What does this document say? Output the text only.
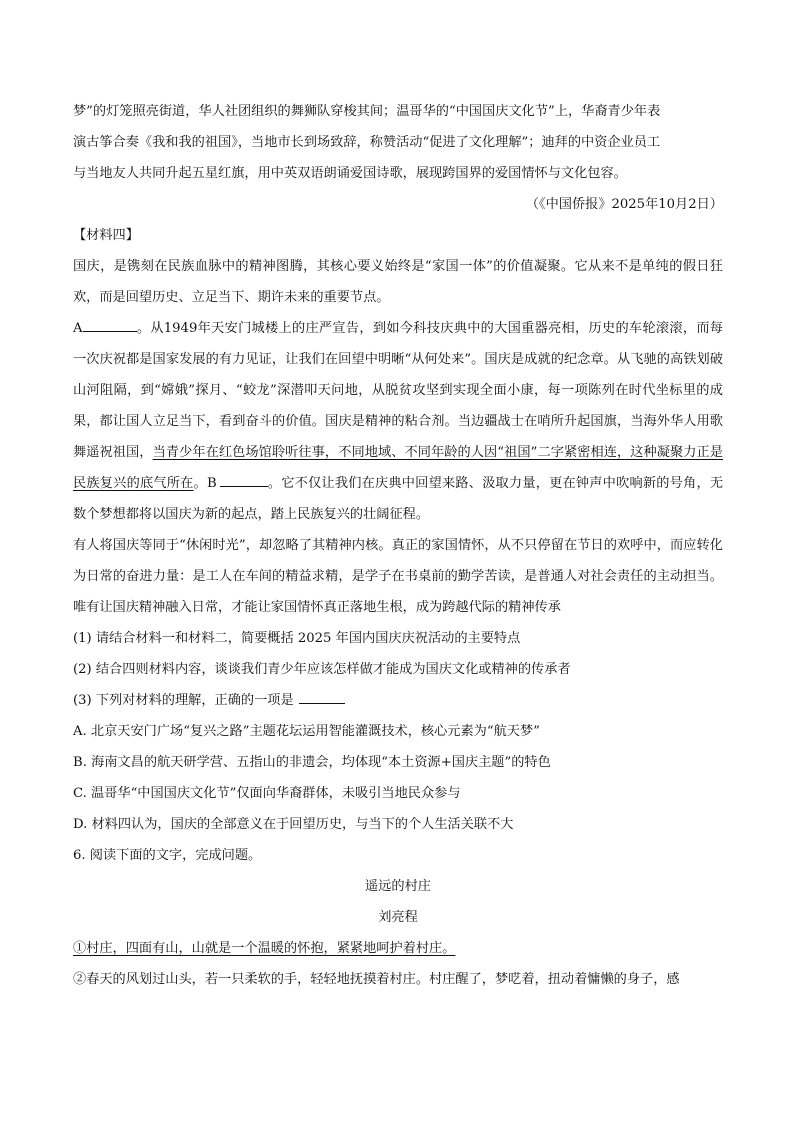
梦”的灯笼照亮街道，华人社团组织的舞狮队穿梭其间；温哥华的“中国国庆文化节”上，华裔青少年表

演古筝合奏《我和我的祖国》，当地市长到场致辞，称赞活动“促进了文化理解”；迪拜的中资企业员工

与当地友人共同升起五星红旗，用中英双语朗诵爱国诗歌，展现跨国界的爱国情怀与文化包容。

（《中国侨报》2025年10月2日）

【材料四】

国庆，是镌刻在民族血脉中的精神图腾，其核心要义始终是“家国一体”的价值凝聚。它从来不是单纯的假日狂欢，而是回望历史、立足当下、期许未来的重要节点。

A	。从1949年天安门城楼上的庄严宣告，到如今科技庆典中的大国重器亮相，历史的车轮滚滚，而每一次庆祝都是国家发展的有力见证，让我们在回望中明晰“从何处来”。国庆是成就的纪念章。从飞驰的高铁划破山河阻隔，到“嫦娥”探月、“蛟龙”深潜叩天问地，从脱贫攻坚到实现全面小康，每一项陈列在时代坐标里的成果，都让国人立足当下，看到奋斗的价值。国庆是精神的粘合剂。当边疆战士在哨所升起国旗，当海外华人用歌舞遥祝祖国，当青少年在红色场馆聆听往事，不同地域、不同年龄的人因“祖国”二字紧密相连，这种凝聚力正是民族复兴的底气所在。B	。它不仅让我们在庆典中回望来路、汲取力量，更在钟声中吹响新的号角，无数个梦想都将以国庆为新的起点，踏上民族复兴的壮阔征程。

有人将国庆等同于“休闲时光”，却忽略了其精神内核。真正的家国情怀，从不只停留在节日的欢呼中，而应转化为日常的奋进力量：是工人在车间的精益求精，是学子在书桌前的勤学苦读，是普通人对社会责任的主动担当。唯有让国庆精神融入日常，才能让家国情怀真正落地生根，成为跨越代际的精神传承

(1) 请结合材料一和材料二，简要概括 2025 年国内国庆庆祝活动的主要特点

(2) 结合四则材料内容，谈谈我们青少年应该怎样做才能成为国庆文化或精神的传承者

(3) 下列对材料的理解，正确的一项是

A. 北京天安门广场“复兴之路”主题花坛运用智能灌溉技术，核心元素为“航天梦”

B. 海南文昌的航天研学营、五指山的非遗会，均体现“本土资源+国庆主题”的特色

C. 温哥华“中国国庆文化节”仅面向华裔群体，未吸引当地民众参与

D. 材料四认为，国庆的全部意义在于回望历史，与当下的个人生活关联不大

6. 阅读下面的文字，完成问题。

遥远的村庄

刘亮程

①村庄，四面有山，山就是一个温暖的怀抱，紧紧地呵护着村庄。

②春天的风划过山头，若一只柔软的手，轻轻地抚摸着村庄。村庄醒了，梦呓着，扭动着慵懒的身子，感
